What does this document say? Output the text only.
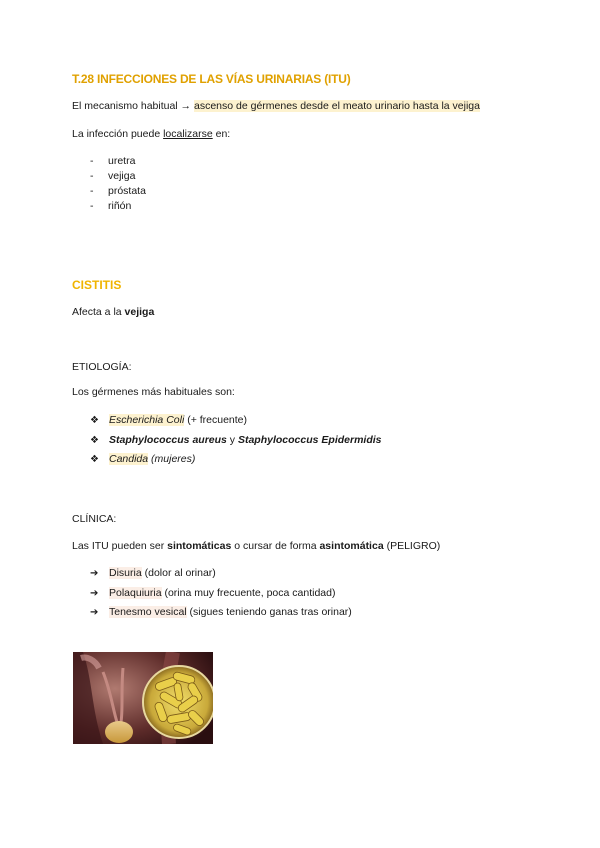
T.28 INFECCIONES DE LAS VÍAS URINARIAS (ITU)
El mecanismo habitual → ascenso de gérmenes desde el meato urinario hasta la vejiga
La infección puede localizarse en:
-	uretra
-	vejiga
-	próstata
-	riñón
CISTITIS
Afecta a la vejiga
ETIOLOGÍA:
Los gérmenes más habituales son:
❖ Escherichia Coli (+ frecuente)
❖ Staphylococcus aureus y Staphylococcus Epidermidis
❖ Candida (mujeres)
CLÍNICA:
Las ITU pueden ser sintomáticas o cursar de forma asintomática (PELIGRO)
➔	Disuria (dolor al orinar)
➔	Polaquiuria (orina muy frecuente, poca cantidad)
➔	Tenesmo vesical (sigues teniendo ganas tras orinar)
